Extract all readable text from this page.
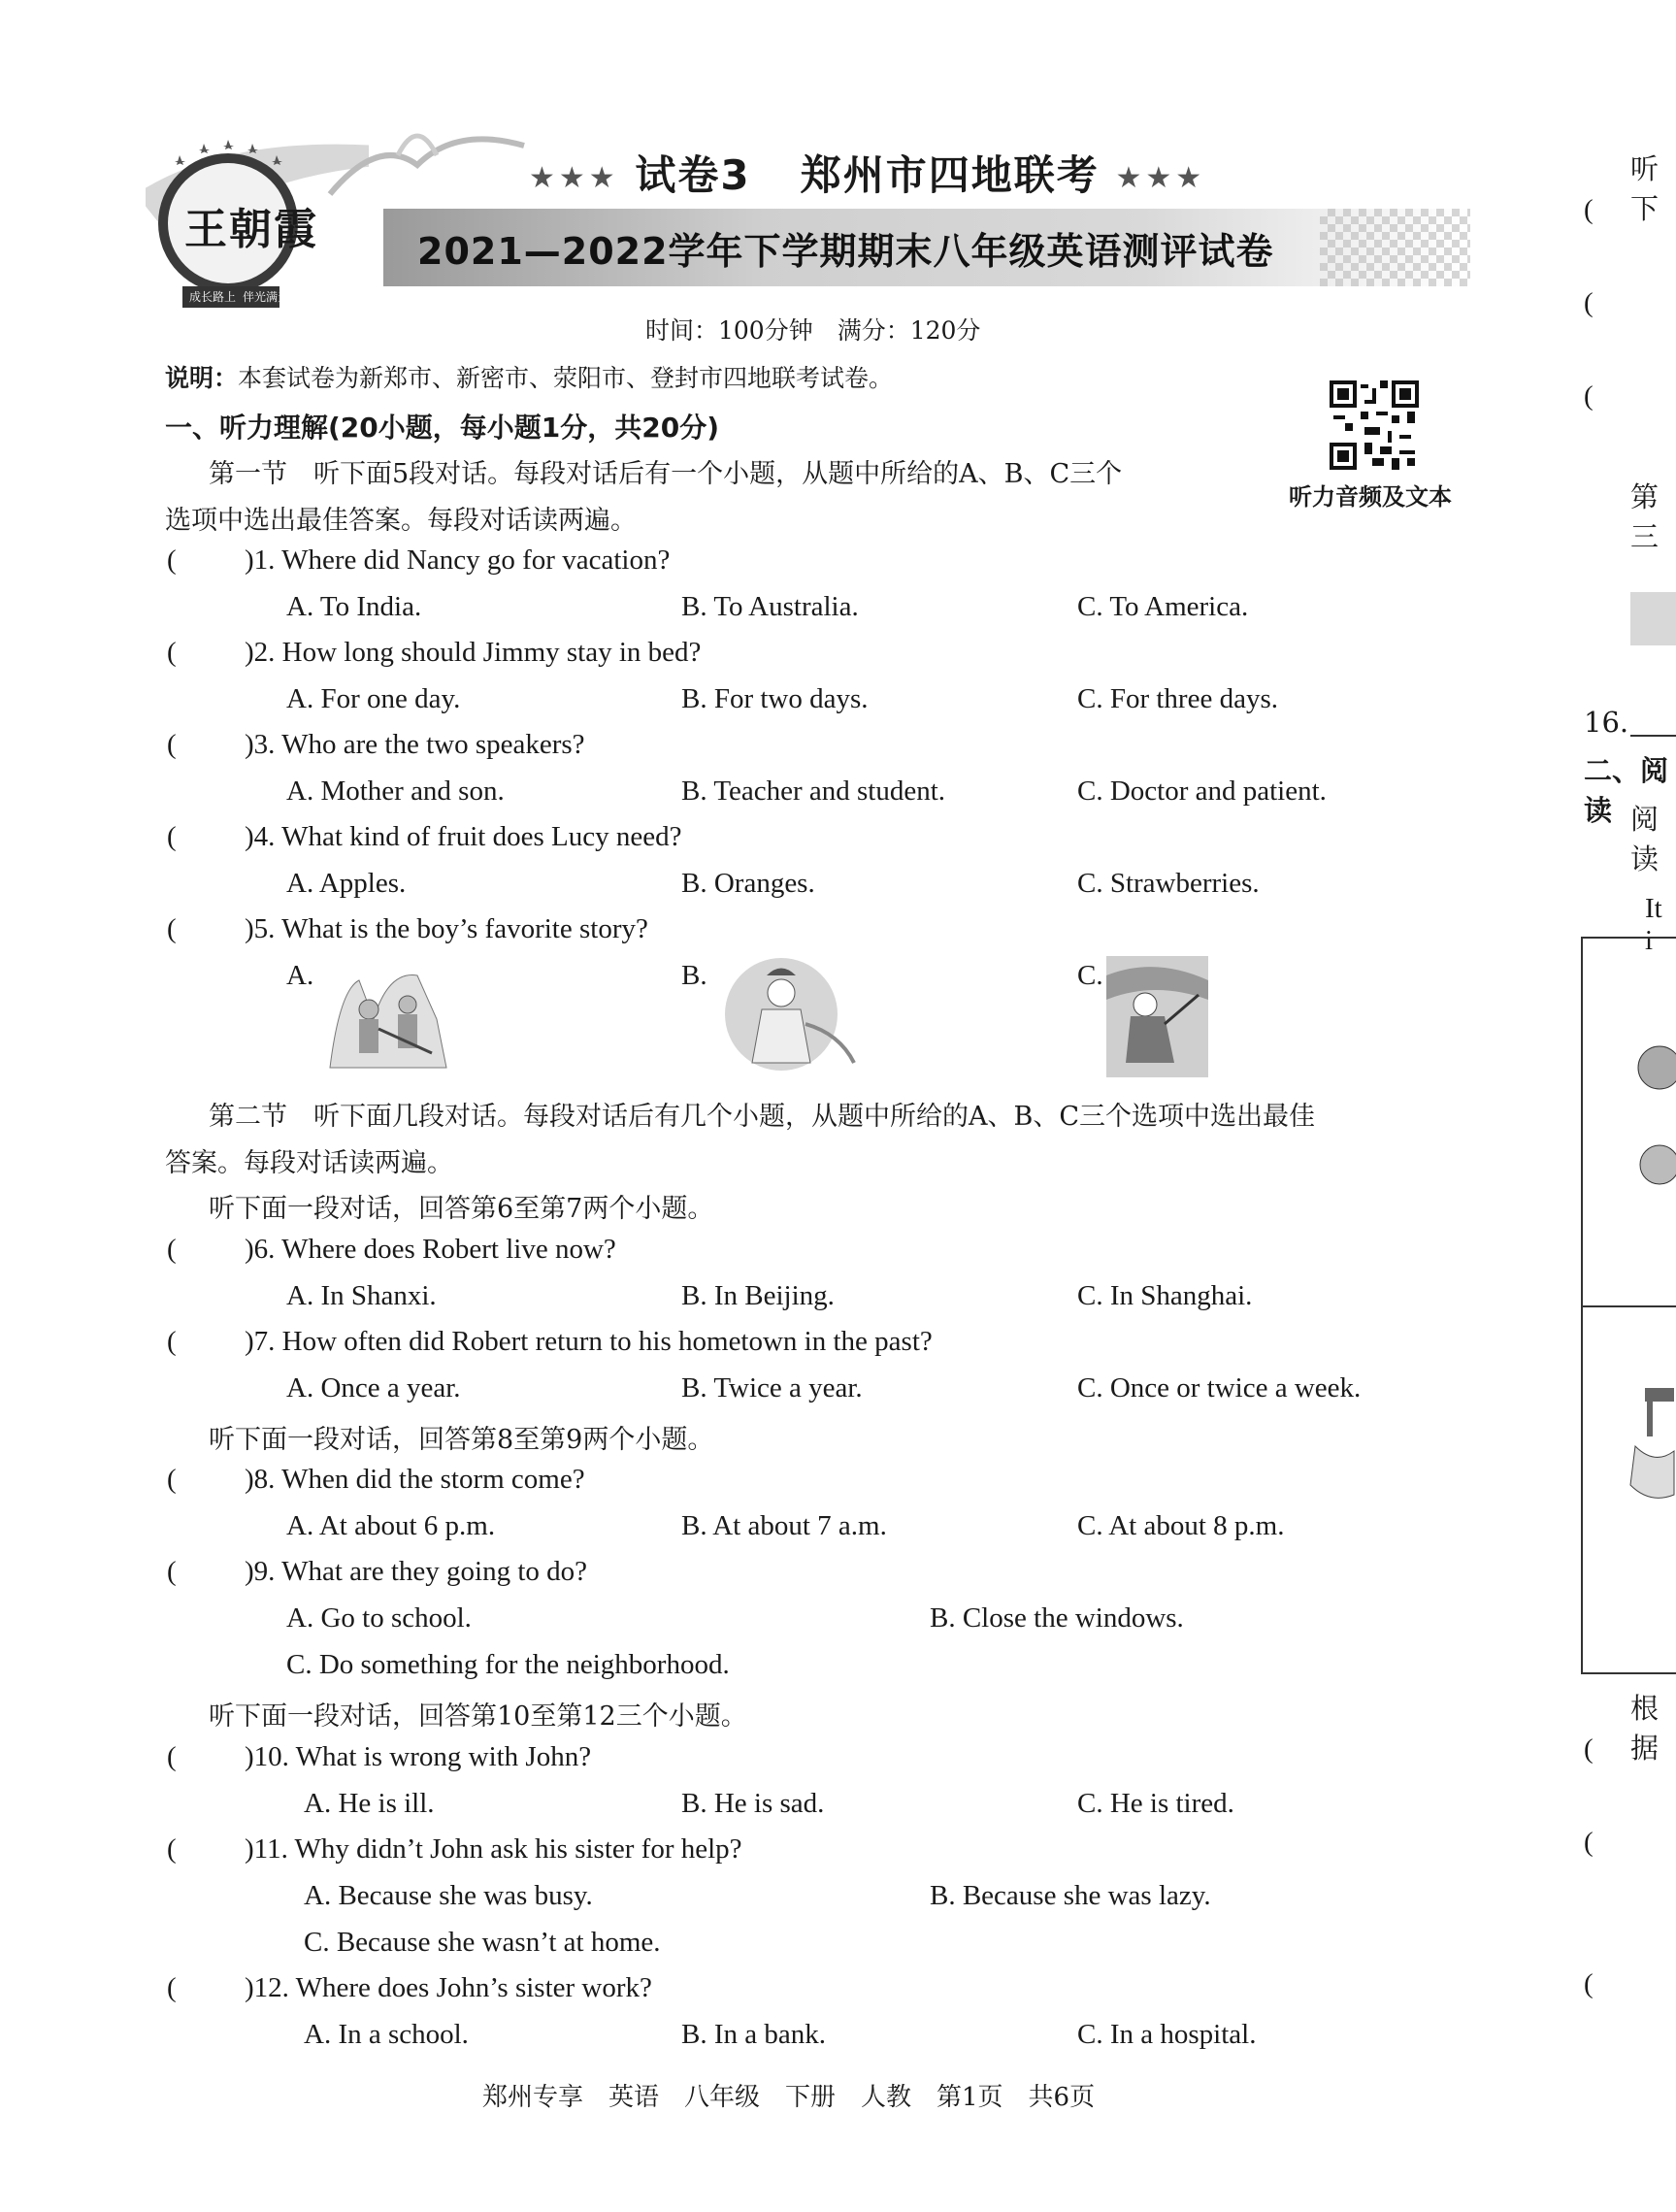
王朝霞
成长路上 伴光满天
★★★ 试卷3 郑州市四地联考 ★★★
2021—2022学年下学期期末八年级英语测评试卷
时间：100分钟　满分：120分
说明：本套试卷为新郑市、新密市、荥阳市、登封市四地联考试卷。
听力音频及文本
一、听力理解(20小题，每小题1分，共20分)
第一节　听下面5段对话。每段对话后有一个小题，从题中所给的A、B、C三个
选项中选出最佳答案。每段对话读两遍。
( )1. Where did Nancy go for vacation?
A. To India.	B. To Australia.	C. To America.
( )2. How long should Jimmy stay in bed?
A. For one day.	B. For two days.	C. For three days.
( )3. Who are the two speakers?
A. Mother and son.	B. Teacher and student.	C. Doctor and patient.
( )4. What kind of fruit does Lucy need?
A. Apples.	B. Oranges.	C. Strawberries.
( )5. What is the boy’s favorite story?
A.	B.	C.
第二节　听下面几段对话。每段对话后有几个小题，从题中所给的A、B、C三个选项中选出最佳
答案。每段对话读两遍。
听下面一段对话，回答第6至第7两个小题。
( )6. Where does Robert live now?
A. In Shanxi.	B. In Beijing.	C. In Shanghai.
( )7. How often did Robert return to his hometown in the past?
A. Once a year.	B. Twice a year.	C. Once or twice a week.
听下面一段对话，回答第8至第9两个小题。
( )8. When did the storm come?
A. At about 6 p.m.	B. At about 7 a.m.	C. At about 8 p.m.
( )9. What are they going to do?
A. Go to school.	B. Close the windows.
C. Do something for the neighborhood.
听下面一段对话，回答第10至第12三个小题。
( )10. What is wrong with John?
A. He is ill.	B. He is sad.	C. He is tired.
( )11. Why didn’t John ask his sister for help?
A. Because she was busy.	B. Because she was lazy.
C. Because she wasn’t at home.
( )12. Where does John’s sister work?
A. In a school.	B. In a bank.	C. In a hospital.
郑州专享　英语　八年级　下册　人教　第1页　共6页
听下
(
(
(
第三
16.
二、阅读 阅读
It i
根据
(
(
(
